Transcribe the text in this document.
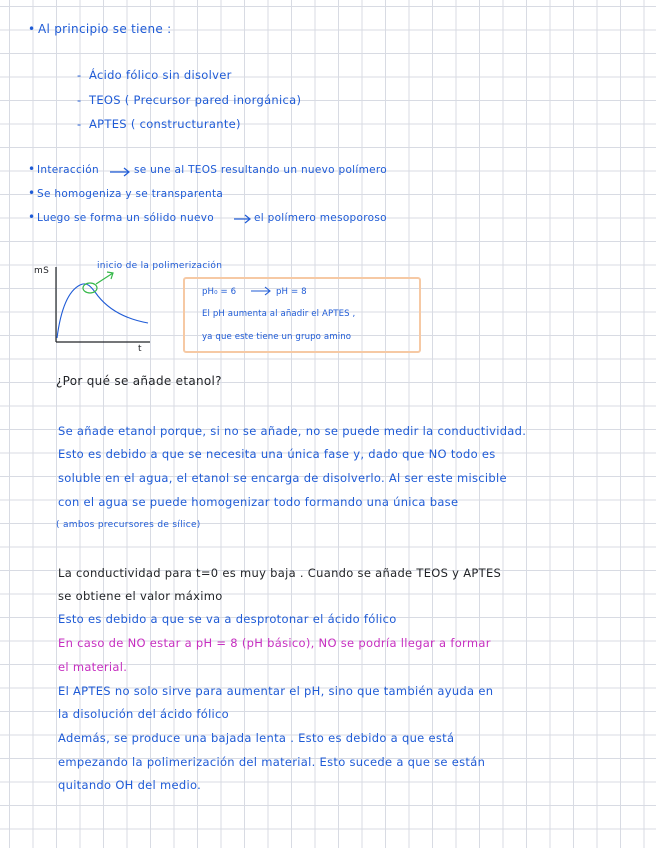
• Al principio se tiene :

- Ácido fólico sin disolver

- TEOS ( Precursor pared inorgánica)

- APTES ( constructurante)

• Interacción	se une al TEOS resultando un nuevo polímero

• Se homogeniza y se transparenta

• Luego se forma un sólido nuevo	el polímero mesoporoso

mS

t

inicio de la polimerización

pH₀ = 6	pH = 8

El pH aumenta al añadir el APTES ,

ya que este tiene un grupo amino

¿Por qué se añade etanol?

Se añade etanol porque, si no se añade, no se puede medir la conductividad.

Esto es debido a que se necesita una única fase y, dado que NO todo es

soluble en el agua, el etanol se encarga de disolverlo. Al ser este miscible

con el agua se puede homogenizar todo formando una única base

( ambos precursores de sílice)

La conductividad para t=0 es muy baja . Cuando se añade TEOS y APTES

se obtiene el valor máximo

Esto es debido a que se va a desprotonar el ácido fólico

En caso de NO estar a pH = 8 (pH básico), NO se podría llegar a formar

el material.

El APTES no solo sirve para aumentar el pH, sino que también ayuda en

la disolución del ácido fólico

Además, se produce una bajada lenta . Esto es debido a que está

empezando la polimerización del material. Esto sucede a que se están

quitando OH del medio.
